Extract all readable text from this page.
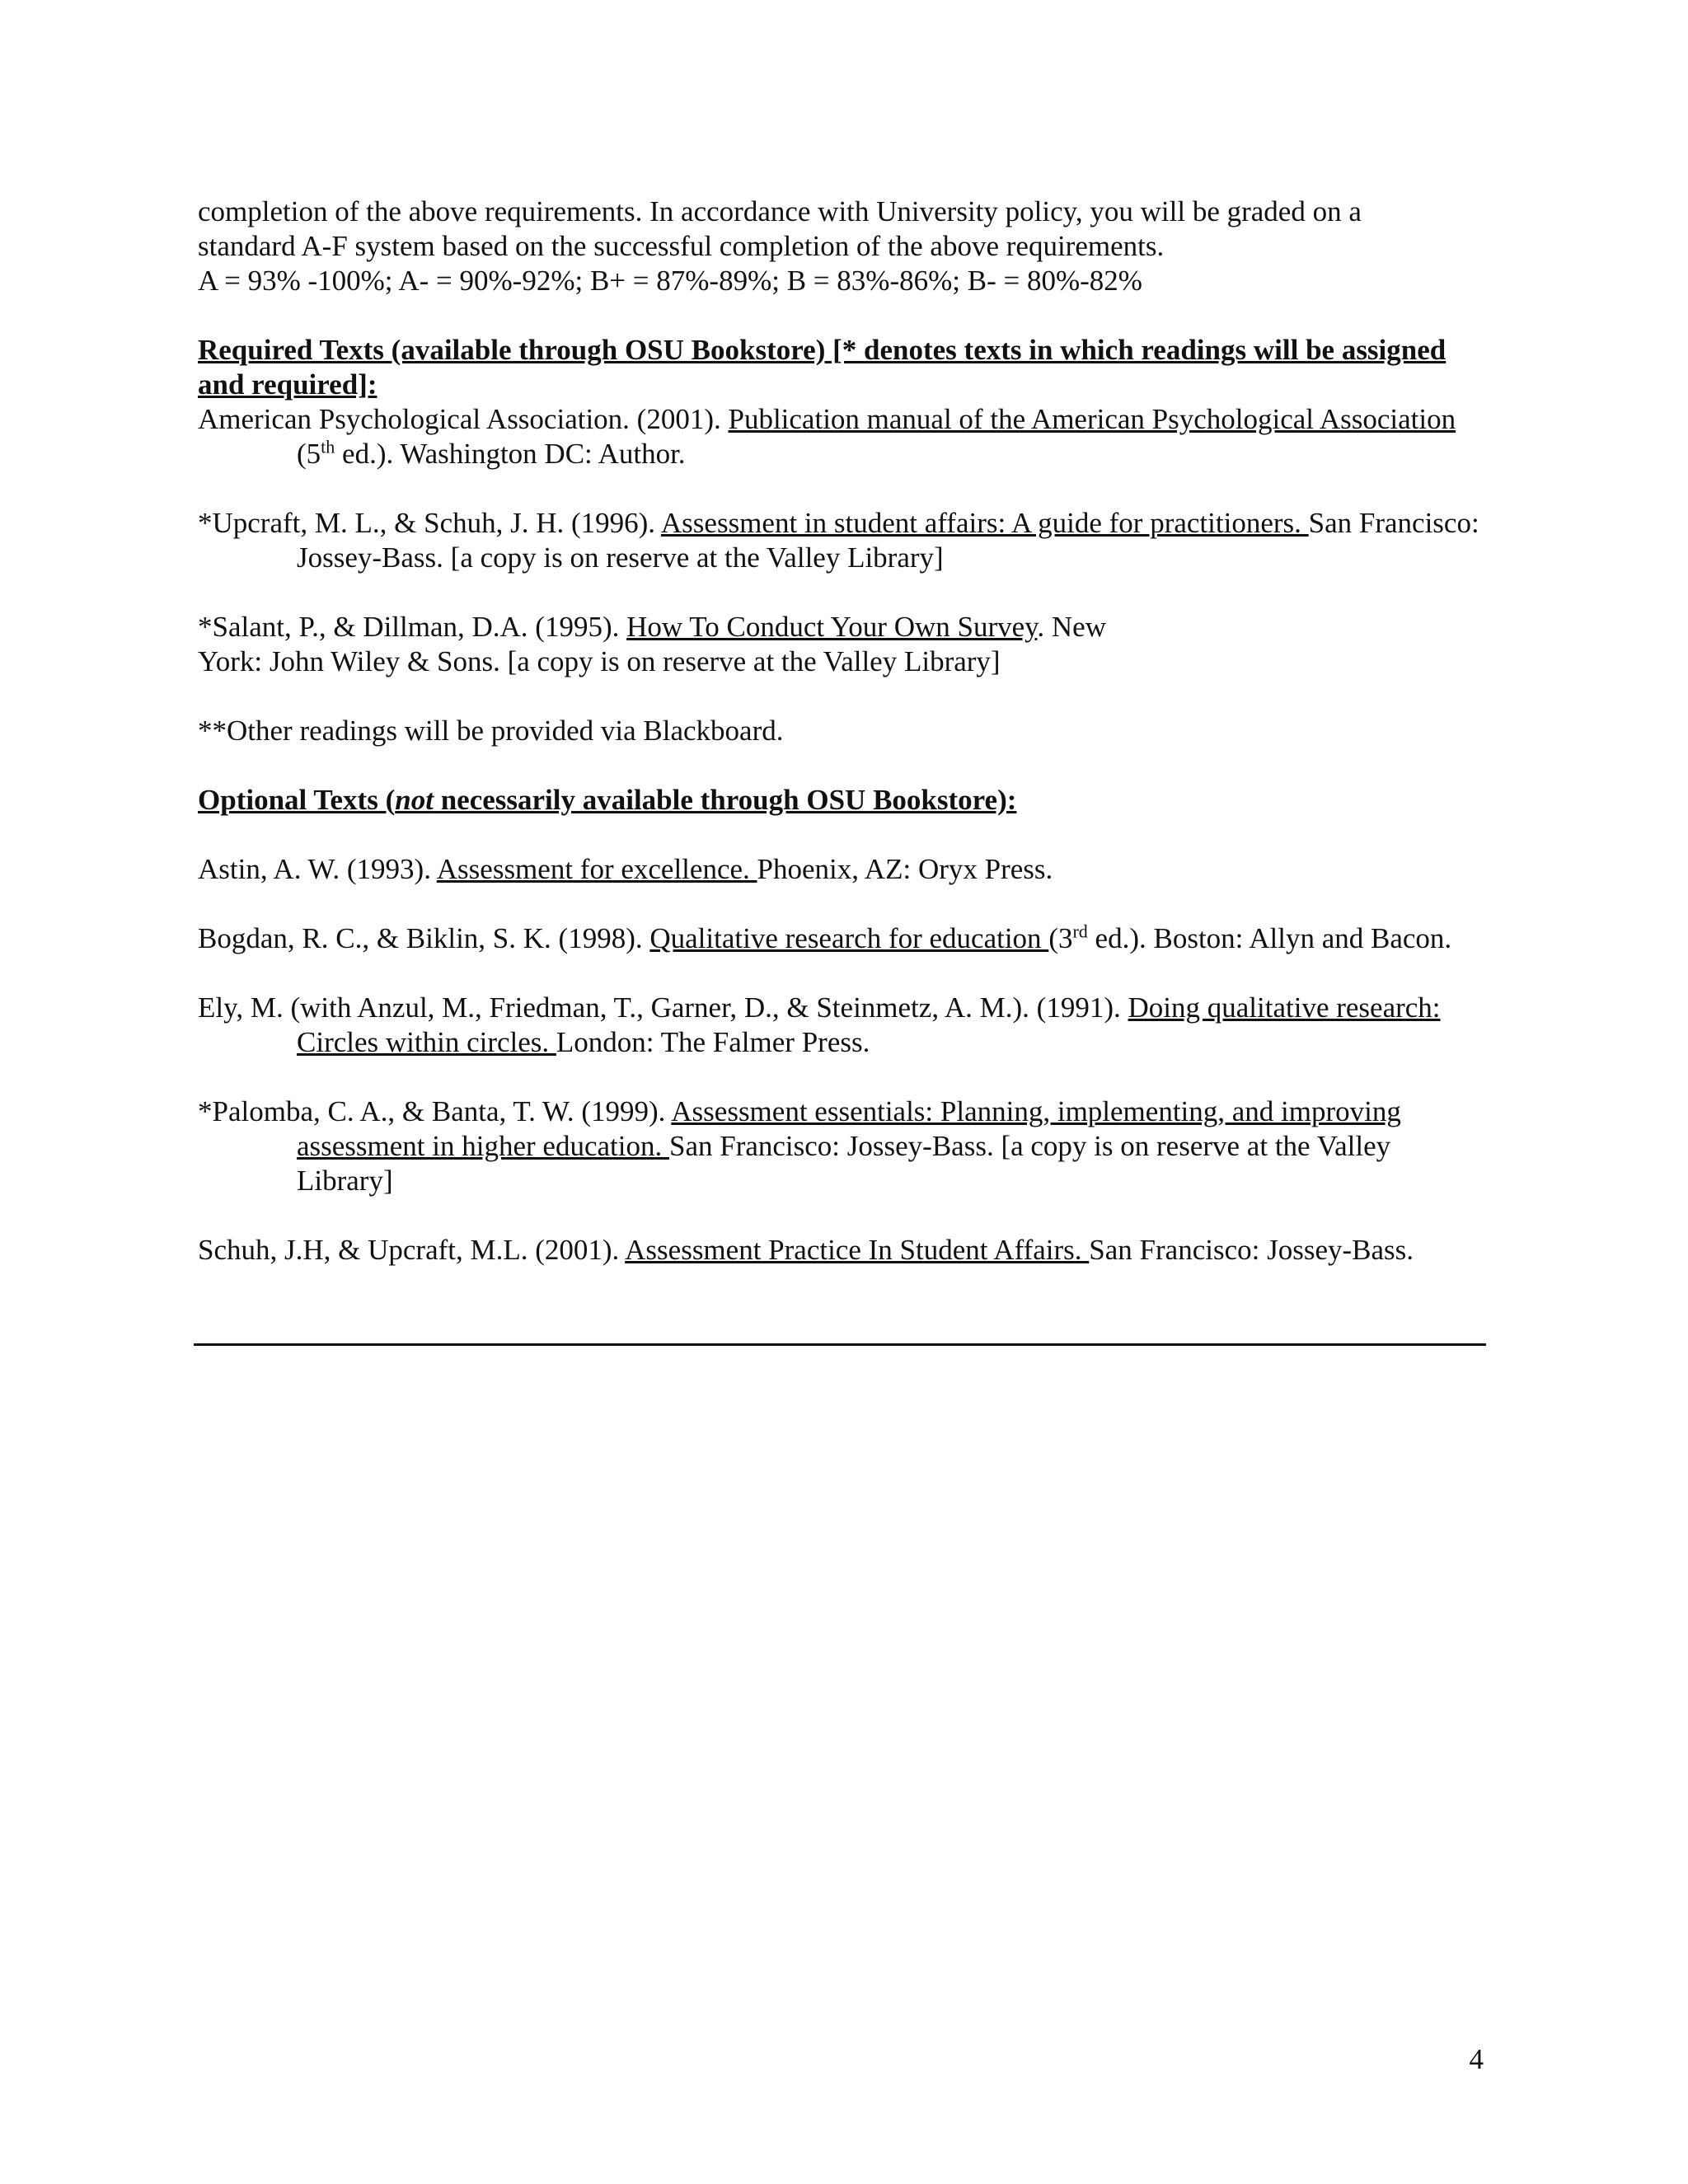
completion of the above requirements. In accordance with University policy, you will be graded on a
standard A-F system based on the successful completion of the above requirements.
A = 93% -100%; A- = 90%-92%; B+ = 87%-89%; B = 83%-86%; B- = 80%-82%

Required Texts (available through OSU Bookstore) [* denotes texts in which readings will be assigned and required]:

American Psychological Association. (2001). Publication manual of the American Psychological Association (5th ed.). Washington DC: Author.

*Upcraft, M. L., & Schuh, J. H. (1996). Assessment in student affairs: A guide for practitioners. San Francisco: Jossey-Bass. [a copy is on reserve at the Valley Library]

*Salant, P., & Dillman, D.A. (1995). How To Conduct Your Own Survey. New
York: John Wiley & Sons. [a copy is on reserve at the Valley Library]

**Other readings will be provided via Blackboard.

Optional Texts (not necessarily available through OSU Bookstore):

Astin, A. W. (1993). Assessment for excellence. Phoenix, AZ: Oryx Press.

Bogdan, R. C., & Biklin, S. K. (1998). Qualitative research for education (3rd ed.). Boston: Allyn and Bacon.

Ely, M. (with Anzul, M., Friedman, T., Garner, D., & Steinmetz, A. M.). (1991). Doing qualitative research: Circles within circles. London: The Falmer Press.

*Palomba, C. A., & Banta, T. W. (1999). Assessment essentials: Planning, implementing, and improving assessment in higher education. San Francisco: Jossey-Bass. [a copy is on reserve at the Valley Library]

Schuh, J.H, & Upcraft, M.L. (2001). Assessment Practice In Student Affairs. San Francisco: Jossey-Bass.

4
